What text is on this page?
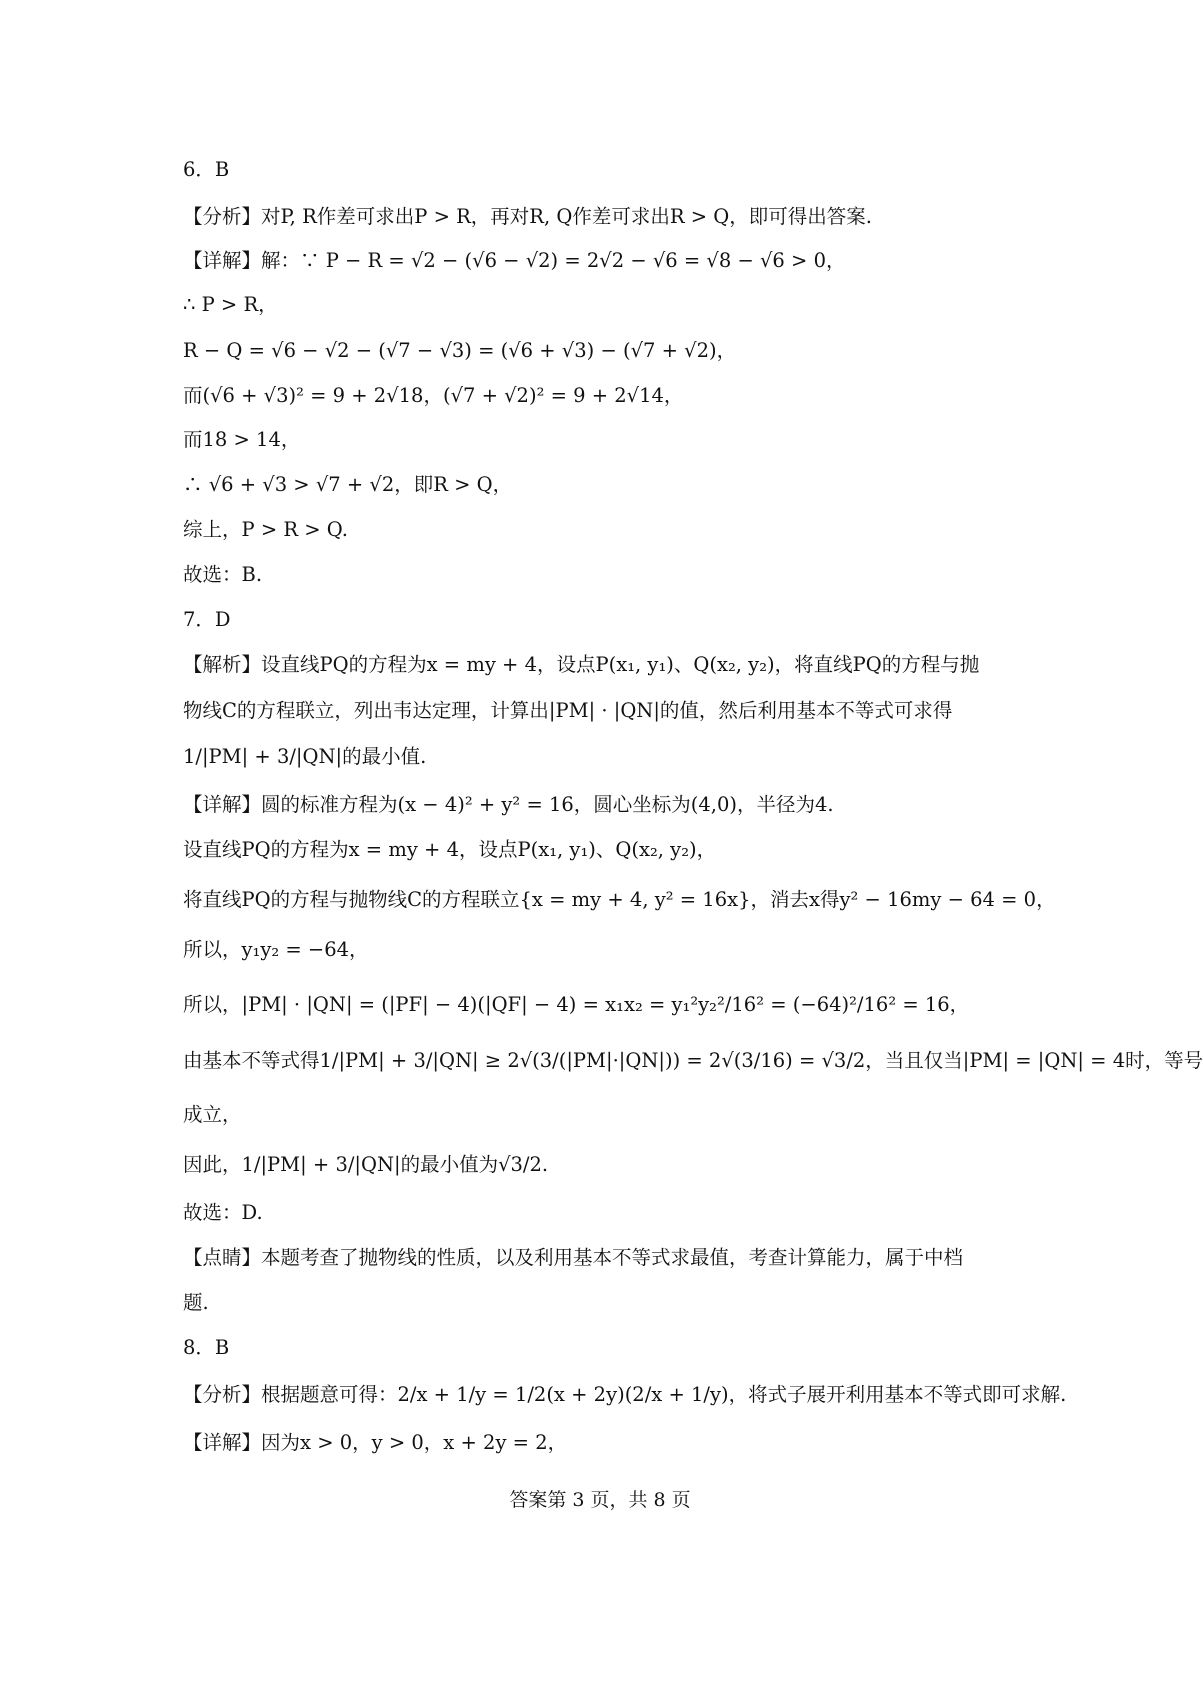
6．B
【分析】对P, R作差可求出P > R，再对R, Q作差可求出R > Q，即可得出答案.
【详解】解：∵ P − R = √2 − (√6 − √2) = 2√2 − √6 = √8 − √6 > 0，
∴ P > R，
R − Q = √6 − √2 − (√7 − √3) = (√6 + √3) − (√7 + √2)，
而(√6 + √3)² = 9 + 2√18，(√7 + √2)² = 9 + 2√14，
而18 > 14，
∴ √6 + √3 > √7 + √2，即R > Q，
综上，P > R > Q.
故选：B.
7．D
【解析】设直线PQ的方程为x = my + 4，设点P(x₁, y₁)、Q(x₂, y₂)，将直线PQ的方程与抛
物线C的方程联立，列出韦达定理，计算出|PM| · |QN|的值，然后利用基本不等式可求得
1/|PM| + 3/|QN|的最小值.
【详解】圆的标准方程为(x − 4)² + y² = 16，圆心坐标为(4,0)，半径为4.
设直线PQ的方程为x = my + 4，设点P(x₁, y₁)、Q(x₂, y₂)，
将直线PQ的方程与抛物线C的方程联立{x = my + 4, y² = 16x}，消去x得y² − 16my − 64 = 0，
所以，y₁y₂ = −64，
所以，|PM| · |QN| = (|PF| − 4)(|QF| − 4) = x₁x₂ = y₁²y₂²/16² = (−64)²/16² = 16，
由基本不等式得1/|PM| + 3/|QN| ≥ 2√(3/(|PM|·|QN|)) = 2√(3/16) = √3/2，当且仅当|PM| = |QN| = 4时，等号
成立，
因此，1/|PM| + 3/|QN|的最小值为√3/2.
故选：D.
【点睛】本题考查了抛物线的性质，以及利用基本不等式求最值，考查计算能力，属于中档
题.
8．B
【分析】根据题意可得：2/x + 1/y = 1/2(x + 2y)(2/x + 1/y)，将式子展开利用基本不等式即可求解.
【详解】因为x > 0，y > 0，x + 2y = 2，
答案第 3 页，共 8 页
